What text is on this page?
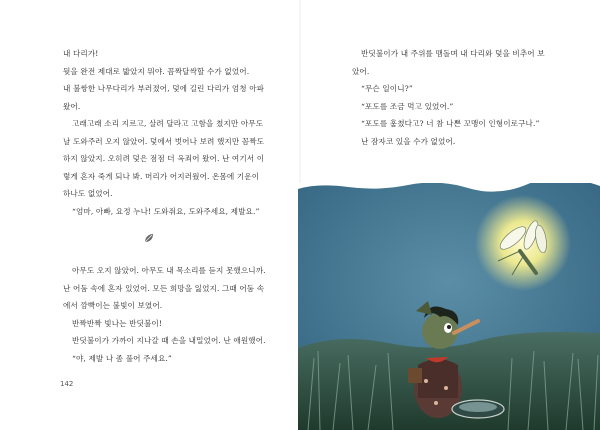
내 다리가!
뒷을 완전 제대로 밟았지 뭐야. 꼼짝달싹할 수가 없었어.
내 불쌍한 나무다리가 부러졌어, 덫에 길린 다리가 엄청 아파
왔어.
고래고래 소리 지르고, 살려 달라고 고함을 쳤지만 아무도
날 도와주러 오지 않았어. 덫에서 벗어나 보려 했지만 꼼짝도
하지 않았지. 오히려 덫은 점점 더 옥죄어 왔어. 난 여기서 이
렇게 혼자 죽게 되나 봐. 머리가 어지러웠어. 온몸에 기운이
하나도 없었어.
“엄마, 아빠, 요정 누나! 도와줘요, 도와주세요, 제발요.”

아무도 오지 않았어. 아무도 내 목소리를 듣지 못했으니까.
난 어둠 속에 혼자 있었어. 모든 희망을 잃었지. 그때 어둠 속
에서 깜빡이는 불빛이 보였어.
반짝반짝 빛나는 반딧불이!
반딧불이가 가까이 지나갈 때 손을 내밀었어. 난 애원했어.
“야, 제발 나 좀 풀어 주세요.”

142

반딧불이가 내 주위를 맴돌며 내 다리와 덫을 비추어 보
았어.
“무슨 일이니?”
“포도를 조금 먹고 있었어.”
“포도를 훔쳤다고? 너 참 나쁜 꼬맹이 인형이로구나.”
난 잠자코 있을 수가 없었어.
